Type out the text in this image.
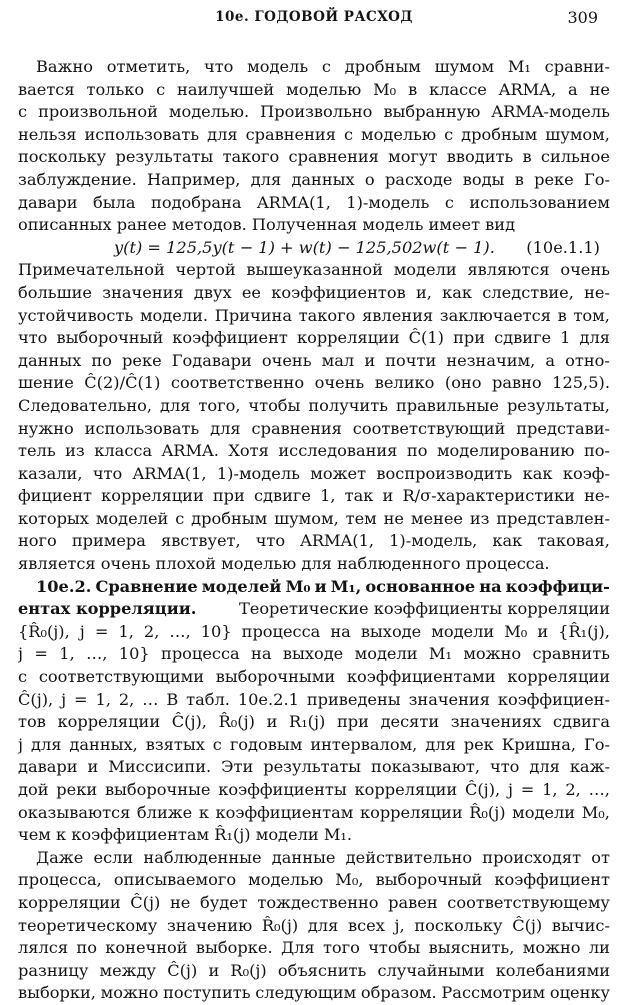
10е. ГОДОВОЙ РАСХОД	309
Важно отметить, что модель с дробным шумом M₁ сравни-
вается только с наилучшей моделью M₀ в классе ARMA, а не
с произвольной моделью. Произвольно выбранную ARMA-модель
нельзя использовать для сравнения с моделью с дробным шумом,
поскольку результаты такого сравнения могут вводить в сильное
заблуждение. Например, для данных о расходе воды в реке Го-
давари была подобрана ARMA(1, 1)-модель с использованием
описанных ранее методов. Полученная модель имеет вид
y(t) = 125,5y(t − 1) + w(t) − 125,502w(t − 1). (10e.1.1)
Примечательной чертой вышеуказанной модели являются очень
большие значения двух ее коэффициентов и, как следствие, не-
устойчивость модели. Причина такого явления заключается в том,
что выборочный коэффициент корреляции Ĉ(1) при сдвиге 1 для
данных по реке Годавари очень мал и почти незначим, а отно-
шение Ĉ(2)/Ĉ(1) соответственно очень велико (оно равно 125,5).
Следовательно, для того, чтобы получить правильные результаты,
нужно использовать для сравнения соответствующий представи-
тель из класса ARMA. Хотя исследования по моделированию по-
казали, что ARMA(1, 1)-модель может воспроизводить как коэф-
фициент корреляции при сдвиге 1, так и R/σ-характеристики не-
которых моделей с дробным шумом, тем не менее из представлен-
ного примера явствует, что ARMA(1, 1)-модель, как таковая,
является очень плохой моделью для наблюденного процесса.
10e.2. Сравнение моделей M₀ и M₁, основанное на коэффици-
ентах корреляции.	Теоретические коэффициенты корреляции
{R̂₀(j), j = 1, 2, …, 10} процесса на выходе модели M₀ и {R̂₁(j),
j = 1, …, 10} процесса на выходе модели M₁ можно сравнить
с соответствующими выборочными коэффициентами корреляции
Ĉ(j), j = 1, 2, … В табл. 10e.2.1 приведены значения коэффициен-
тов корреляции Ĉ(j), R̂₀(j) и R₁(j) при десяти значениях сдвига
j для данных, взятых с годовым интервалом, для рек Кришна, Го-
давари и Миссисипи. Эти результаты показывают, что для каж-
дой реки выборочные коэффициенты корреляции Ĉ(j), j = 1, 2, …,
оказываются ближе к коэффициентам корреляции R̂₀(j) модели M₀,
чем к коэффициентам R̂₁(j) модели M₁.
Даже если наблюденные данные действительно происходят от
процесса, описываемого моделью M₀, выборочный коэффициент
корреляции Ĉ(j) не будет тождественно равен соответствующему
теоретическому значению R̂₀(j) для всех j, поскольку Ĉ(j) вычис-
лялся по конечной выборке. Для того чтобы выяснить, можно ли
разницу между Ĉ(j) и R₀(j) объяснить случайными колебаниями
выборки, можно поступить следующим образом. Рассмотрим оценку
